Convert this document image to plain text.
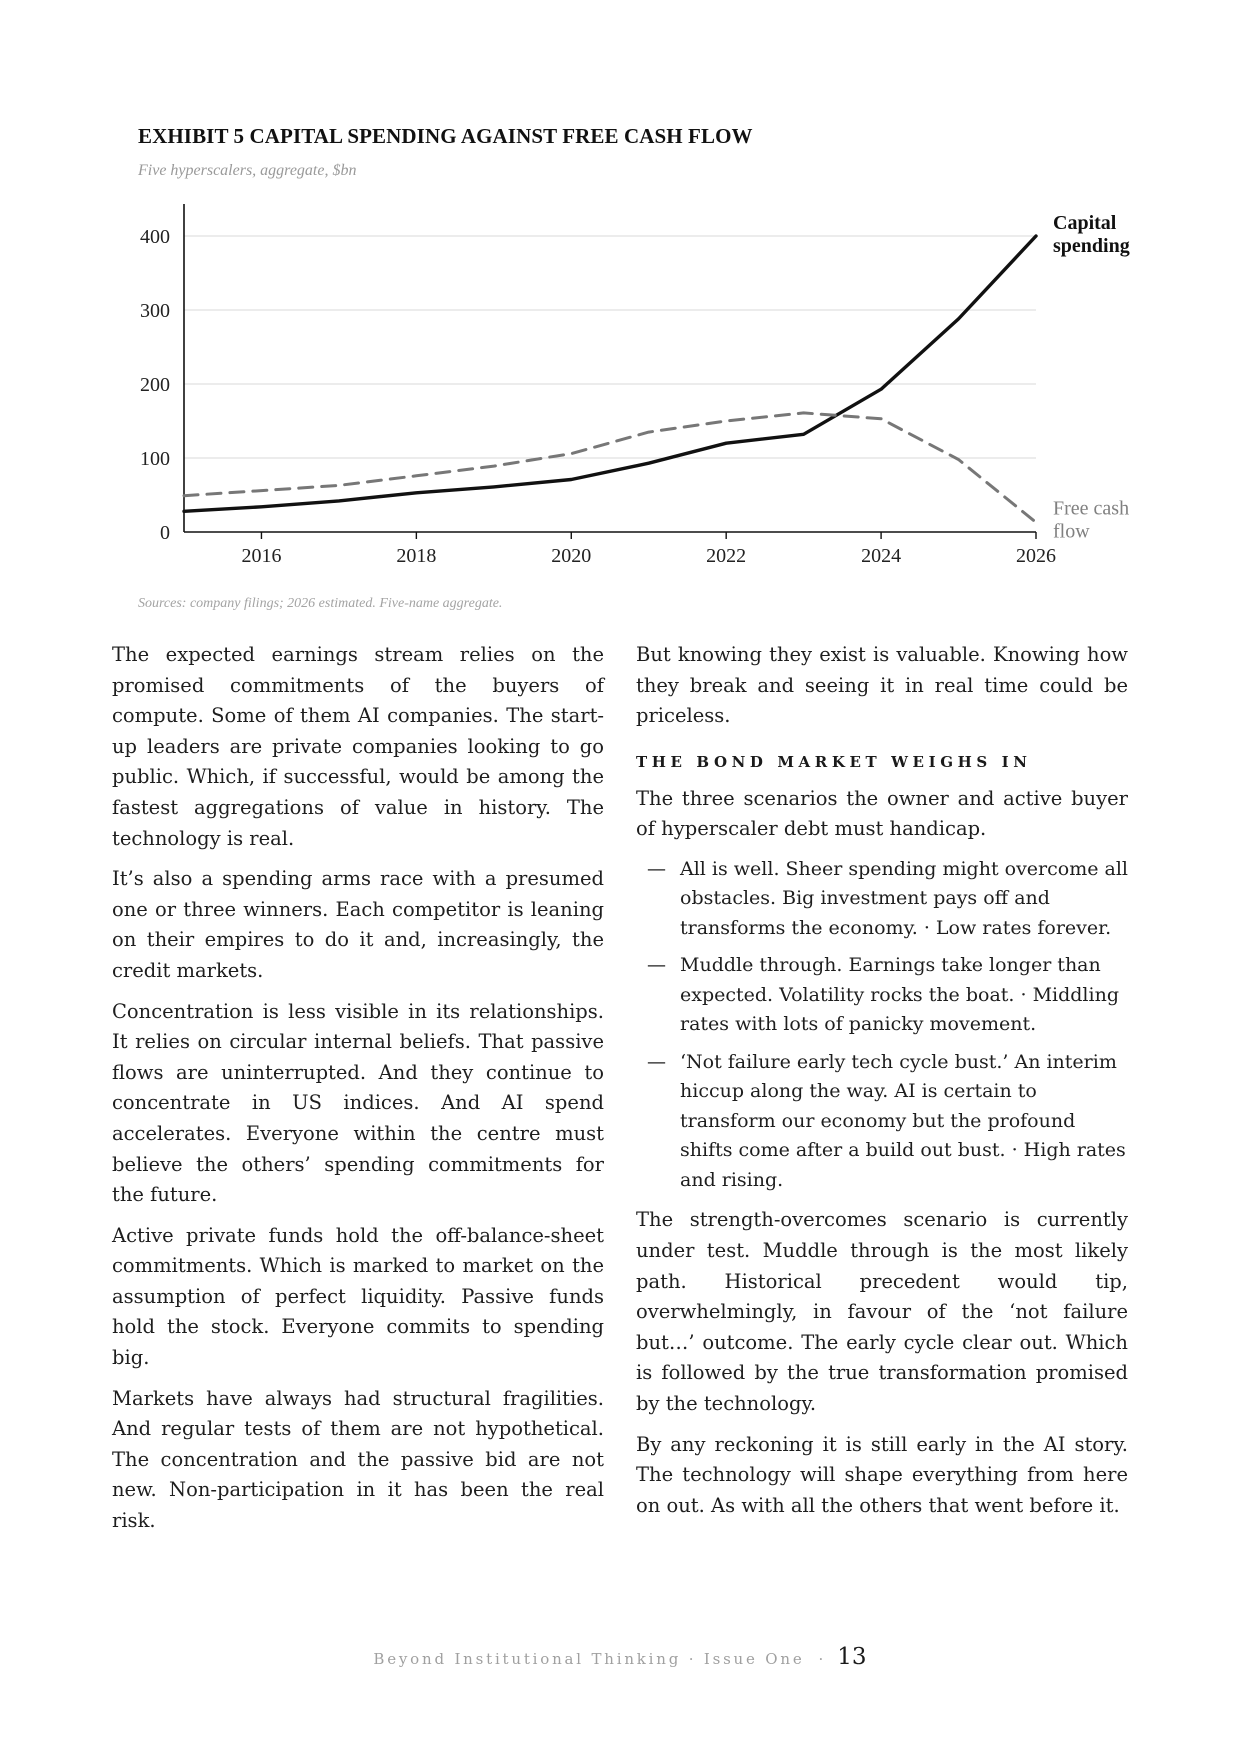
EXHIBIT 5 CAPITAL SPENDING AGAINST FREE CASH FLOW
Five hyperscalers, aggregate, $bn
0
100
200
300
400
2016	2018	2020	2022	2024	2026
Capital
spending
Free cash
flow
Sources: company filings; 2026 estimated. Five-name aggregate.

The expected earnings stream relies on the promised commitments of the buyers of compute. Some of them AI companies. The start-up leaders are private companies looking to go public. Which, if successful, would be among the fastest aggregations of value in history. The technology is real.

It’s also a spending arms race with a presumed one or three winners. Each competitor is leaning on their empires to do it and, increasingly, the credit markets.

Concentration is less visible in its relationships. It relies on circular internal beliefs. That passive flows are uninterrupted. And they continue to concentrate in US indices. And AI spend accelerates. Everyone within the centre must believe the others’ spending commitments for the future.

Active private funds hold the off-balance-sheet commitments. Which is marked to market on the assumption of perfect liquidity. Passive funds hold the stock. Everyone commits to spending big.

Markets have always had structural fragilities. And regular tests of them are not hypothetical. The concentration and the passive bid are not new. Non-participation in it has been the real risk.

But knowing they exist is valuable. Knowing how they break and seeing it in real time could be priceless.

THE BOND MARKET WEIGHS IN

The three scenarios the owner and active buyer of hyperscaler debt must handicap.

— All is well. Sheer spending might overcome all obstacles. Big investment pays off and transforms the economy. · Low rates forever.
— Muddle through. Earnings take longer than expected. Volatility rocks the boat. · Middling rates with lots of panicky movement.
— ‘Not failure early tech cycle bust.’ An interim hiccup along the way. AI is certain to transform our economy but the profound shifts come after a build out bust. · High rates and rising.

The strength-overcomes scenario is currently under test. Muddle through is the most likely path. Historical precedent would tip, overwhelmingly, in favour of the ‘not failure but…’ outcome. The early cycle clear out. Which is followed by the true transformation promised by the technology.

By any reckoning it is still early in the AI story. The technology will shape everything from here on out. As with all the others that went before it.

Beyond Institutional Thinking · Issue One · 13
